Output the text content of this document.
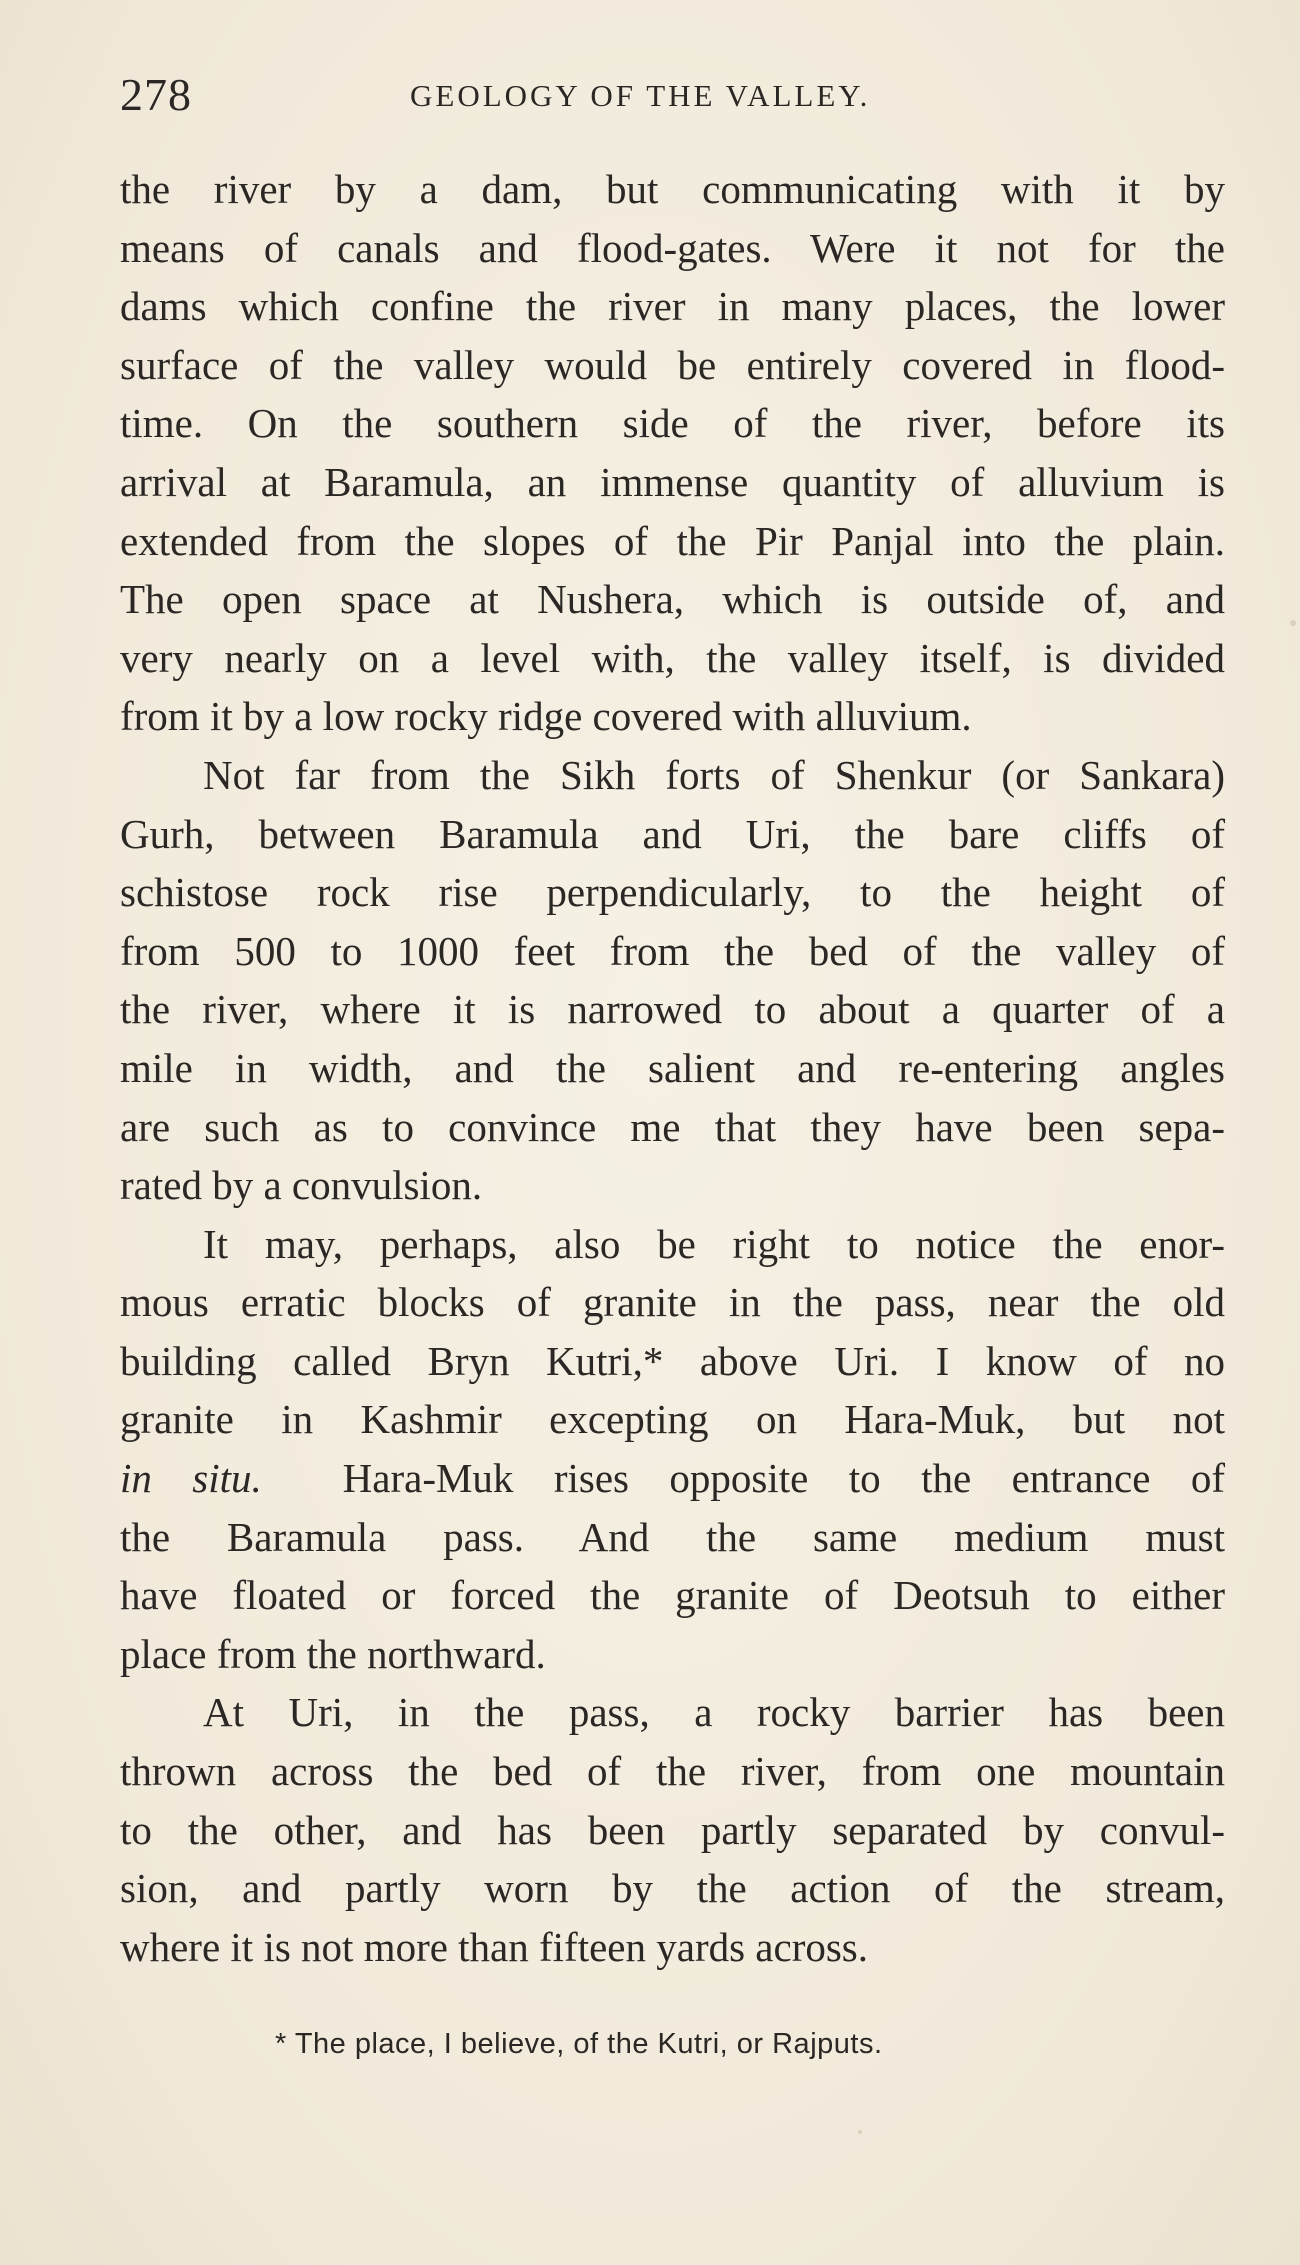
278	GEOLOGY OF THE VALLEY.
the river by a dam, but communicating with it by
means of canals and flood-gates. Were it not for the
dams which confine the river in many places, the lower
surface of the valley would be entirely covered in flood-
time. On the southern side of the river, before its
arrival at Baramula, an immense quantity of alluvium is
extended from the slopes of the Pir Panjal into the plain.
The open space at Nushera, which is outside of, and
very nearly on a level with, the valley itself, is divided
from it by a low rocky ridge covered with alluvium.
Not far from the Sikh forts of Shenkur (or Sankara)
Gurh, between Baramula and Uri, the bare cliffs of
schistose rock rise perpendicularly, to the height of
from 500 to 1000 feet from the bed of the valley of
the river, where it is narrowed to about a quarter of a
mile in width, and the salient and re-entering angles
are such as to convince me that they have been sepa-
rated by a convulsion.
It may, perhaps, also be right to notice the enor-
mous erratic blocks of granite in the pass, near the old
building called Bryn Kutri,* above Uri. I know of no
granite in Kashmir excepting on Hara-Muk, but not
in situ. Hara-Muk rises opposite to the entrance of
the Baramula pass. And the same medium must
have floated or forced the granite of Deotsuh to either
place from the northward.
At Uri, in the pass, a rocky barrier has been
thrown across the bed of the river, from one mountain
to the other, and has been partly separated by convul-
sion, and partly worn by the action of the stream,
where it is not more than fifteen yards across.
* The place, I believe, of the Kutri, or Rajputs.
